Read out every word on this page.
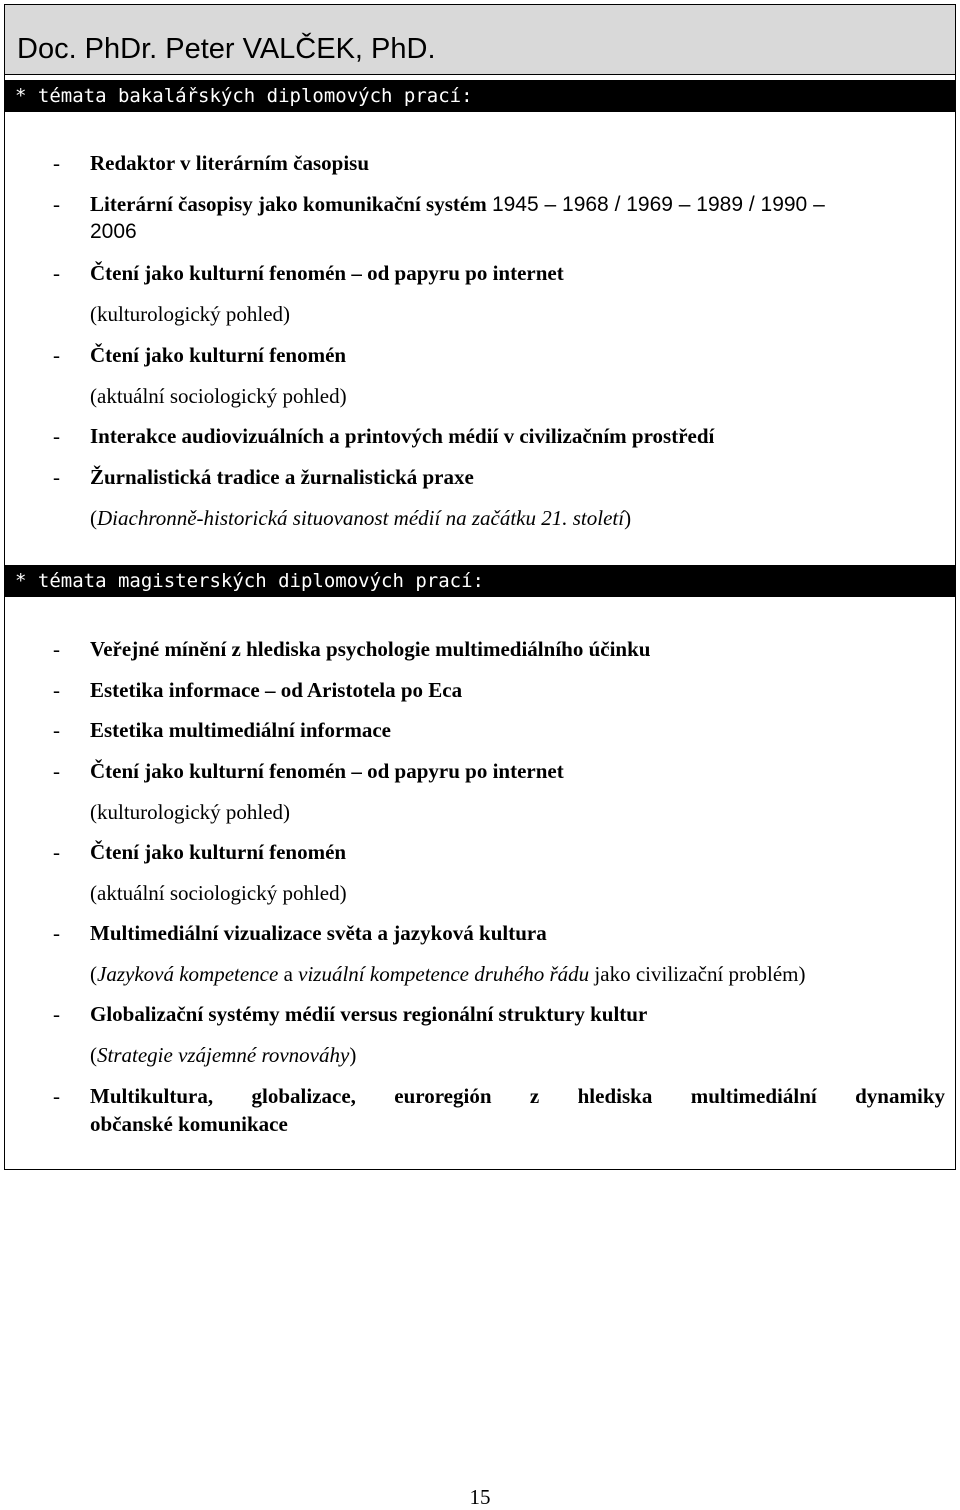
Doc. PhDr. Peter VALČEK, PhD.
* témata bakalářských diplomových prací:
- Redaktor v literárním časopisu
- Literární časopisy jako komunikační systém 1945 – 1968 / 1969 – 1989 / 1990 –
2006
- Čtení jako kulturní fenomén – od papyru po internet
(kulturologický pohled)
- Čtení jako kulturní fenomén
(aktuální sociologický pohled)
- Interakce audiovizuálních a printových médií v civilizačním prostředí
- Žurnalistická tradice a žurnalistická praxe
(Diachronně-historická situovanost médií na začátku 21. století)
* témata magisterských diplomových prací:
- Veřejné mínění z hlediska psychologie multimediálního účinku
- Estetika informace – od Aristotela po Eca
- Estetika multimediální informace
- Čtení jako kulturní fenomén – od papyru po internet
(kulturologický pohled)
- Čtení jako kulturní fenomén
(aktuální sociologický pohled)
- Multimediální vizualizace světa a jazyková kultura
(Jazyková kompetence a vizuální kompetence druhého řádu jako civilizační problém)
- Globalizační systémy médií versus regionální struktury kultur
(Strategie vzájemné rovnováhy)
- Multikultura, globalizace, euroregión z hlediska multimediální dynamiky
občanské komunikace
15
